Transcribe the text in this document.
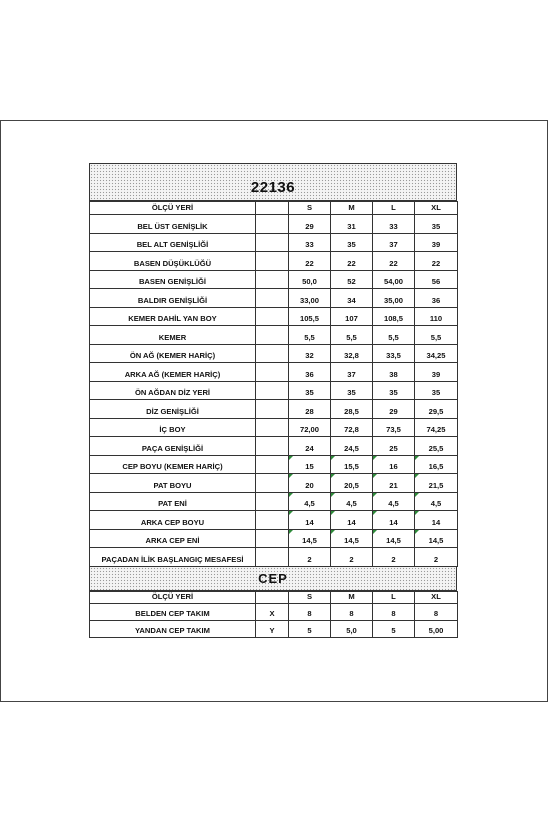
22136
ÖLÇÜ YERİ		S	M	L	XL
BEL ÜST GENİŞLİK		29	31	33	35
BEL ALT GENİŞLİĞİ		33	35	37	39
BASEN DÜŞÜKLÜĞÜ		22	22	22	22
BASEN GENİŞLİĞİ		50,0	52	54,00	56
BALDIR GENİŞLİĞİ		33,00	34	35,00	36
KEMER DAHİL YAN BOY		105,5	107	108,5	110
KEMER		5,5	5,5	5,5	5,5
ÖN AĞ (KEMER HARİÇ)		32	32,8	33,5	34,25
ARKA AĞ (KEMER HARİÇ)		36	37	38	39
ÖN AĞDAN DİZ YERİ		35	35	35	35
DİZ GENİŞLİĞİ		28	28,5	29	29,5
İÇ BOY		72,00	72,8	73,5	74,25
PAÇA GENİŞLİĞİ		24	24,5	25	25,5
CEP BOYU (KEMER HARİÇ)		15	15,5	16	16,5
PAT BOYU		20	20,5	21	21,5
PAT ENİ		4,5	4,5	4,5	4,5
ARKA CEP BOYU		14	14	14	14
ARKA CEP ENİ		14,5	14,5	14,5	14,5
PAÇADAN İLİK BAŞLANGIÇ MESAFESİ		2	2	2	2
CEP
ÖLÇÜ YERİ		S	M	L	XL
BELDEN CEP TAKIM	X	8	8	8	8
YANDAN CEP TAKIM	Y	5	5,0	5	5,00
